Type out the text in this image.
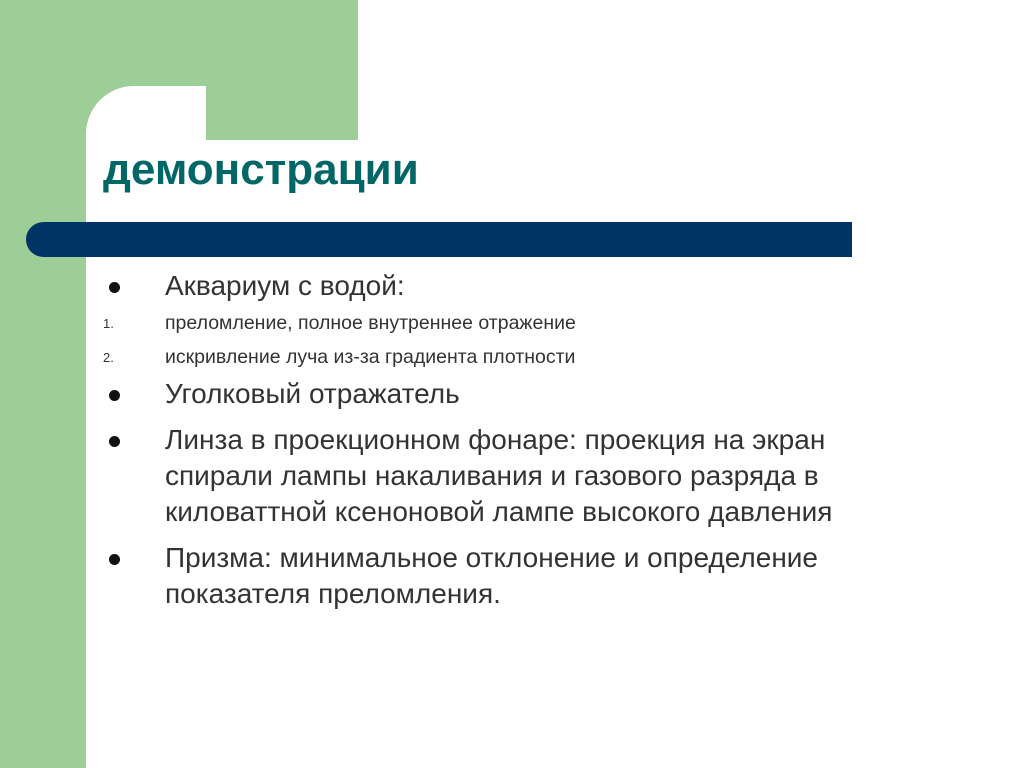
демонстрации
Аквариум с водой:
1.	преломление, полное внутреннее отражение
2.	искривление луча из-за градиента плотности
Уголковый отражатель
Линза в проекционном фонаре: проекция на экран спирали лампы накаливания и газового разряда в киловаттной ксеноновой лампе высокого давления
Призма: минимальное отклонение и определение  показателя преломления.
